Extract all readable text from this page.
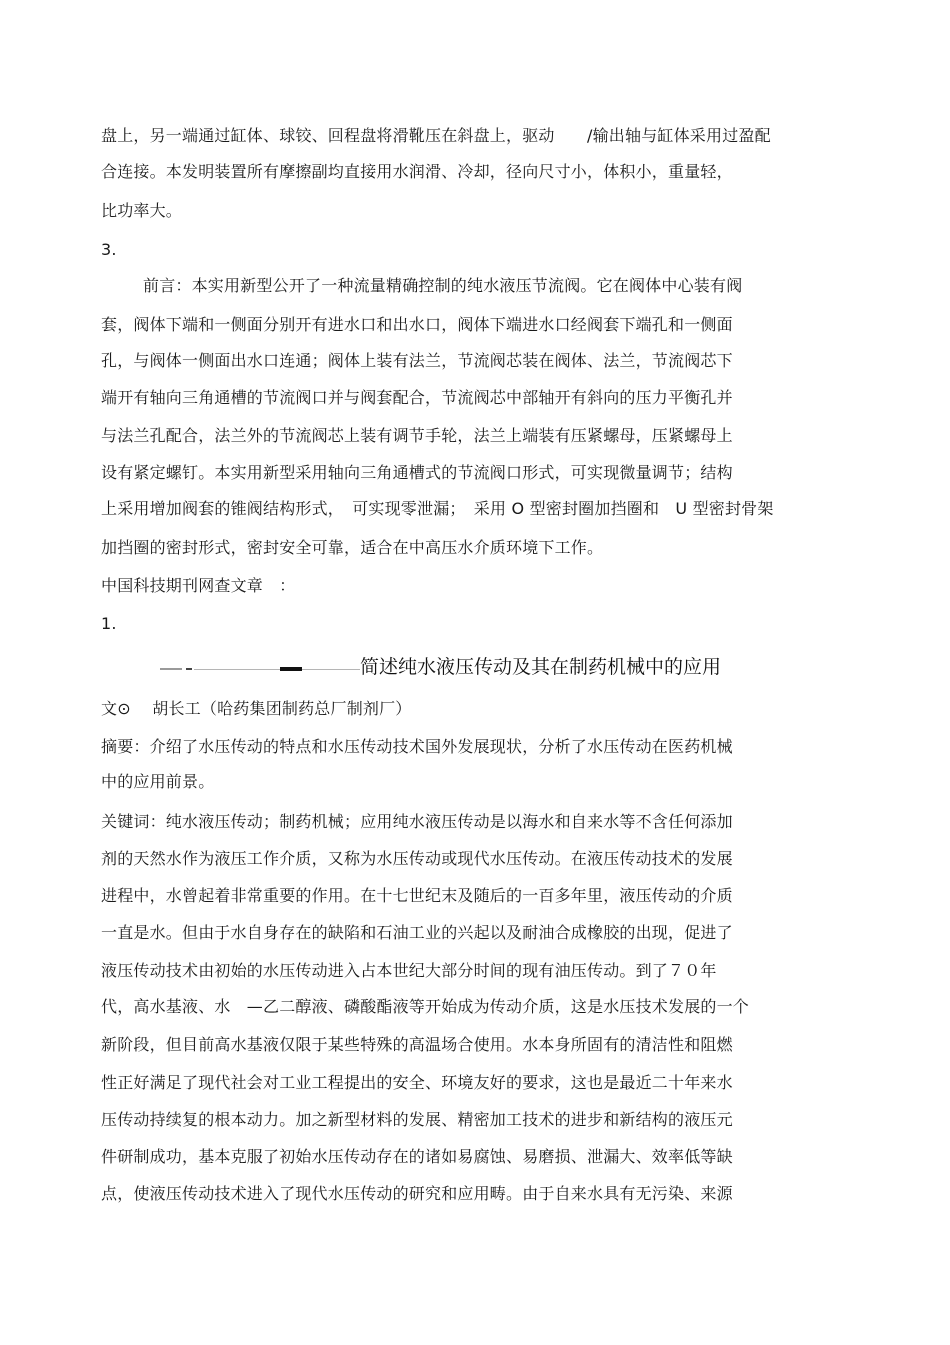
盘上，另一端通过缸体、球铰、回程盘将滑靴压在斜盘上，驱动　　/输出轴与缸体采用过盈配
合连接。本发明装置所有摩擦副均直接用水润滑、冷却，径向尺寸小，体积小，重量轻，
比功率大。
3.
前言：本实用新型公开了一种流量精确控制的纯水液压节流阀。它在阀体中心装有阀
套，阀体下端和一侧面分别开有进水口和出水口，阀体下端进水口经阀套下端孔和一侧面
孔，与阀体一侧面出水口连通；阀体上装有法兰，节流阀芯装在阀体、法兰，节流阀芯下
端开有轴向三角通槽的节流阀口并与阀套配合，节流阀芯中部轴开有斜向的压力平衡孔并
与法兰孔配合，法兰外的节流阀芯上装有调节手轮，法兰上端装有压紧螺母，压紧螺母上
设有紧定螺钉。本实用新型采用轴向三角通槽式的节流阀口形式，可实现微量调节；结构
上采用增加阀套的锥阀结构形式，　可实现零泄漏；　采用 O 型密封圈加挡圈和　U 型密封骨架
加挡圈的密封形式，密封安全可靠，适合在中高压水介质环境下工作。
中国科技期刊网查文章　：
1.
简述纯水液压传动及其在制药机械中的应用
文⊙　 胡长工（哈药集团制药总厂制剂厂）
摘要：介绍了水压传动的特点和水压传动技术国外发展现状，分析了水压传动在医药机械
中的应用前景。
关键词：纯水液压传动；制药机械；应用纯水液压传动是以海水和自来水等不含任何添加
剂的天然水作为液压工作介质，又称为水压传动或现代水压传动。在液压传动技术的发展
进程中，水曾起着非常重要的作用。在十七世纪末及随后的一百多年里，液压传动的介质
一直是水。但由于水自身存在的缺陷和石油工业的兴起以及耐油合成橡胶的出现，促进了
液压传动技术由初始的水压传动进入占本世纪大部分时间的现有油压传动。到了７０年
代，高水基液、水　—乙二醇液、磷酸酯液等开始成为传动介质，这是水压技术发展的一个
新阶段，但目前高水基液仅限于某些特殊的高温场合使用。水本身所固有的清洁性和阻燃
性正好满足了现代社会对工业工程提出的安全、环境友好的要求，这也是最近二十年来水
压传动持续复的根本动力。加之新型材料的发展、精密加工技术的进步和新结构的液压元
件研制成功，基本克服了初始水压传动存在的诸如易腐蚀、易磨损、泄漏大、效率低等缺
点，使液压传动技术进入了现代水压传动的研究和应用畴。由于自来水具有无污染、来源
